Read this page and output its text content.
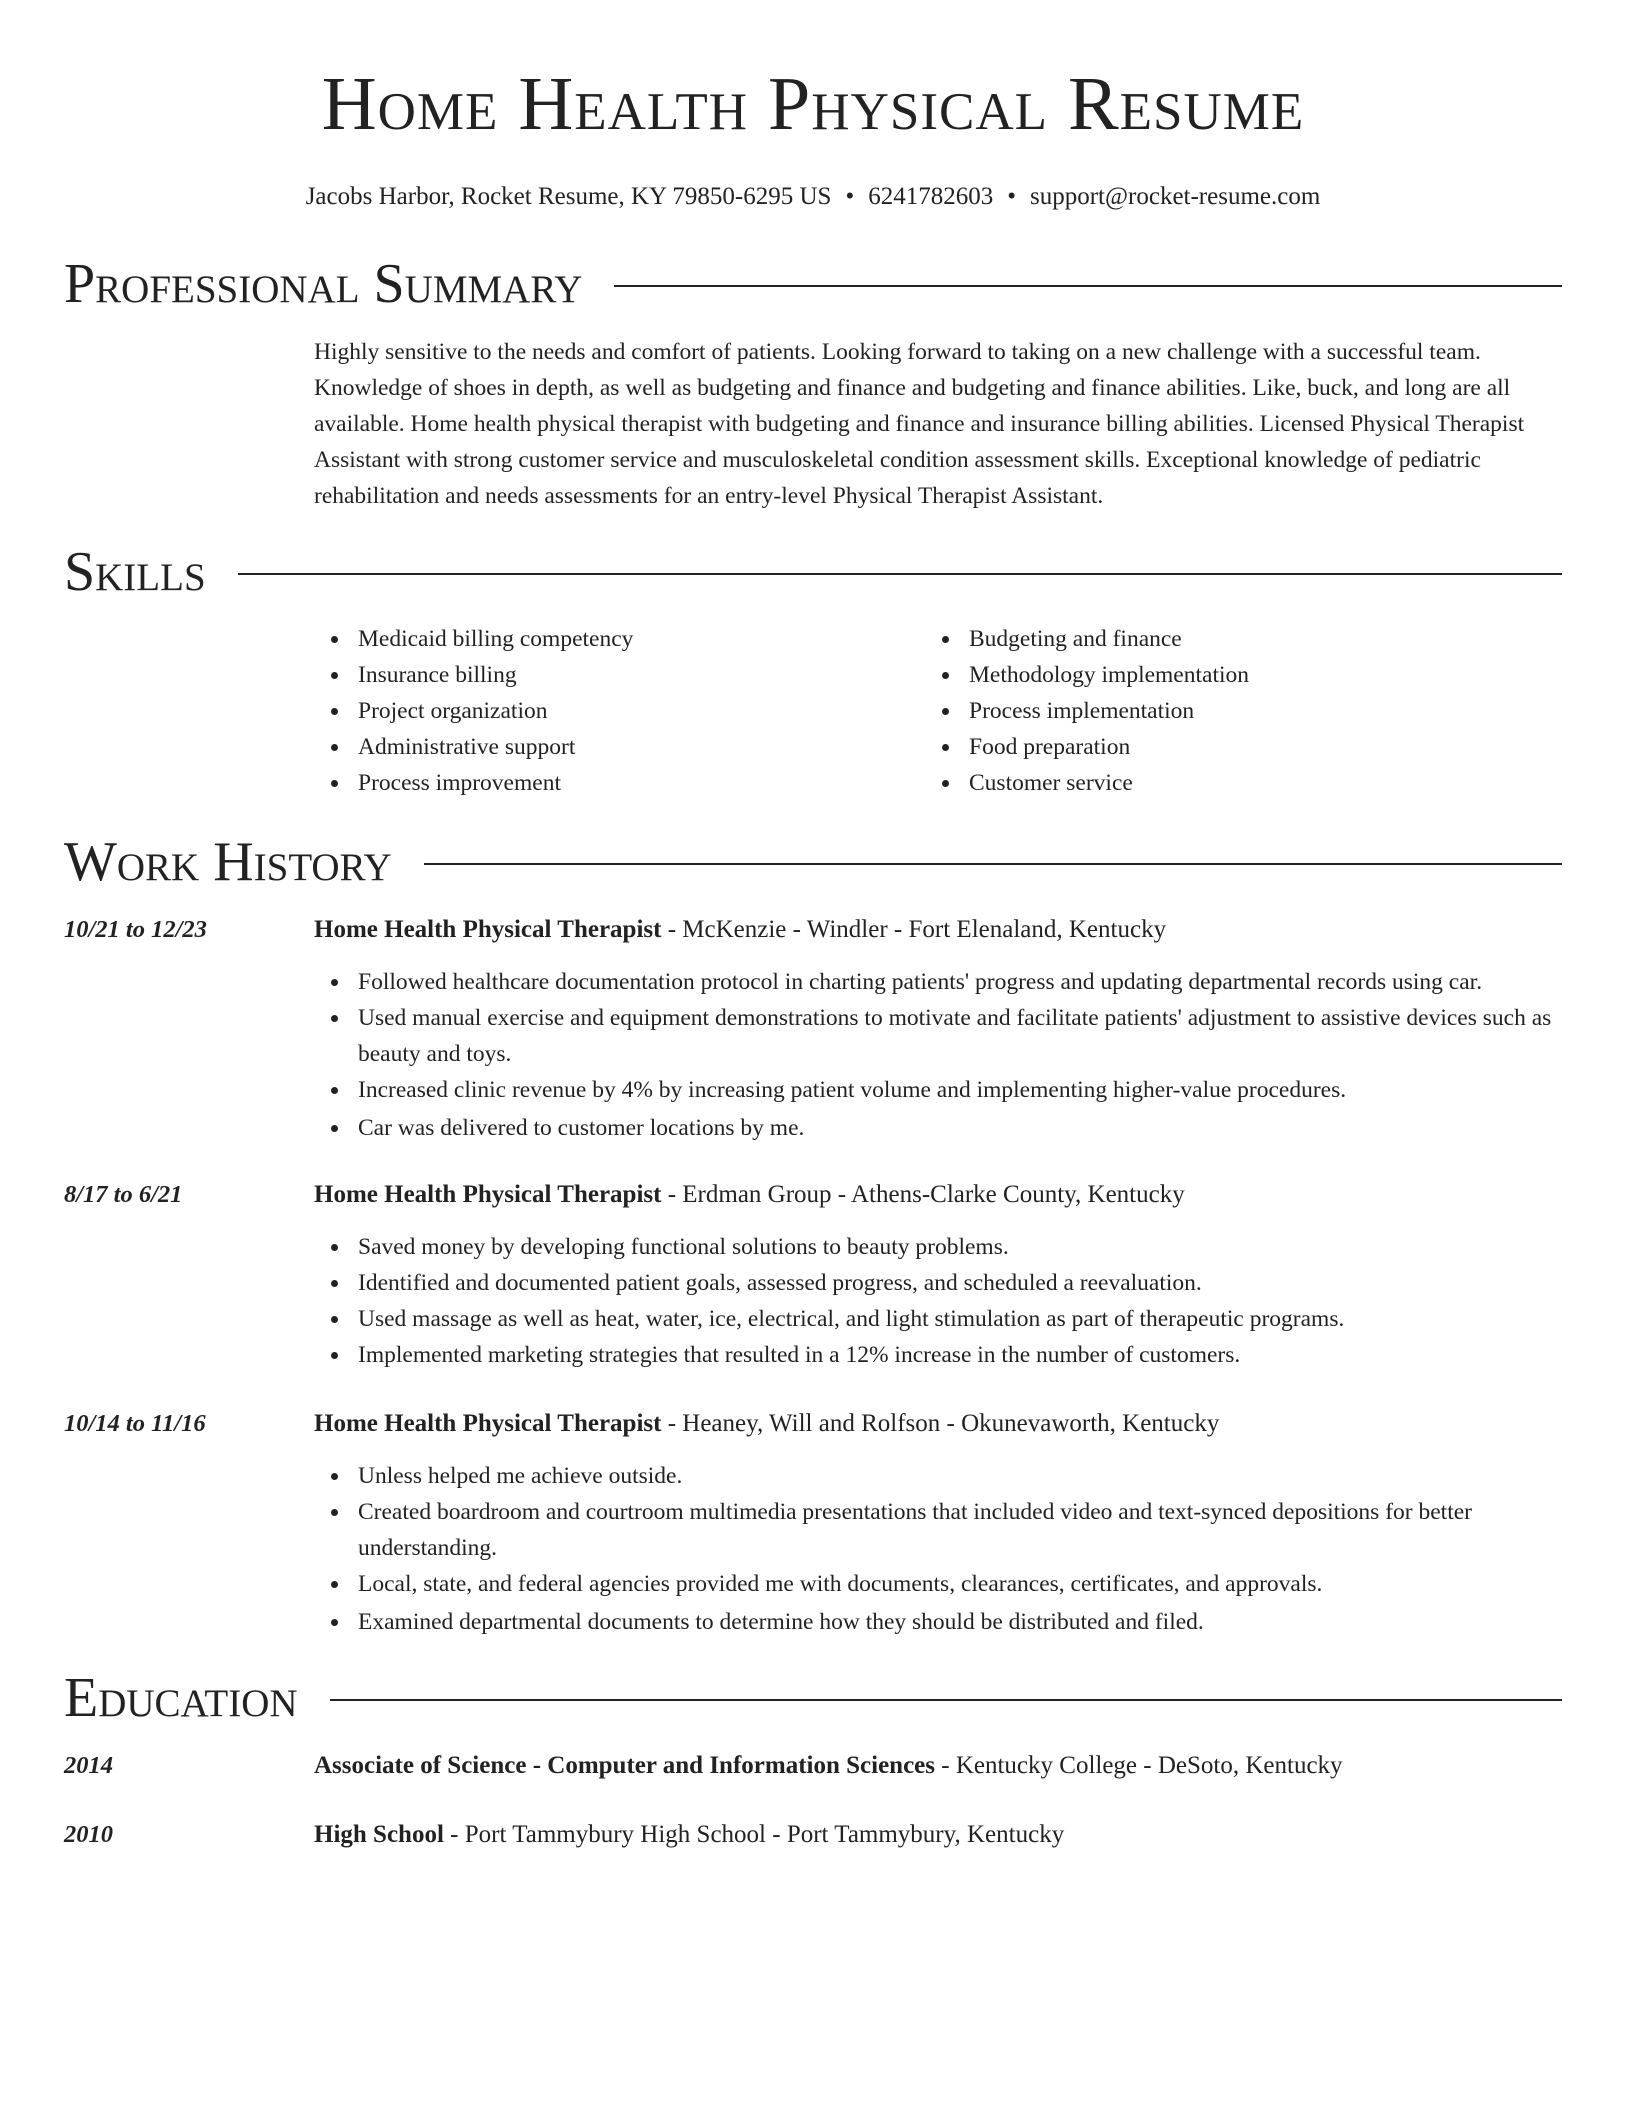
Home Health Physical Resume
Jacobs Harbor, Rocket Resume, KY 79850-6295 US • 6241782603 • support@rocket-resume.com
Professional Summary

Highly sensitive to the needs and comfort of patients. Looking forward to taking on a new challenge with a successful team. Knowledge of shoes in depth, as well as budgeting and finance and budgeting and finance abilities. Like, buck, and long are all available. Home health physical therapist with budgeting and finance and insurance billing abilities. Licensed Physical Therapist Assistant with strong customer service and musculoskeletal condition assessment skills. Exceptional knowledge of pediatric rehabilitation and needs assessments for an entry-level Physical Therapist Assistant.

Skills
Medicaid billing competency
Insurance billing
Project organization
Administrative support
Process improvement
Budgeting and finance
Methodology implementation
Process implementation
Food preparation
Customer service
Work History
10/21 to 12/23	Home Health Physical Therapist - McKenzie - Windler - Fort Elenaland, Kentucky
Followed healthcare documentation protocol in charting patients' progress and updating departmental records using car.
Used manual exercise and equipment demonstrations to motivate and facilitate patients' adjustment to assistive devices such as beauty and toys.
Increased clinic revenue by 4% by increasing patient volume and implementing higher-value procedures.
Car was delivered to customer locations by me.
8/17 to 6/21	Home Health Physical Therapist - Erdman Group - Athens-Clarke County, Kentucky
Saved money by developing functional solutions to beauty problems.
Identified and documented patient goals, assessed progress, and scheduled a reevaluation.
Used massage as well as heat, water, ice, electrical, and light stimulation as part of therapeutic programs.
Implemented marketing strategies that resulted in a 12% increase in the number of customers.
10/14 to 11/16	Home Health Physical Therapist - Heaney, Will and Rolfson - Okunevaworth, Kentucky
Unless helped me achieve outside.
Created boardroom and courtroom multimedia presentations that included video and text-synced depositions for better understanding.
Local, state, and federal agencies provided me with documents, clearances, certificates, and approvals.
Examined departmental documents to determine how they should be distributed and filed.
Education
2014	Associate of Science - Computer and Information Sciences - Kentucky College - DeSoto, Kentucky
2010	High School - Port Tammybury High School - Port Tammybury, Kentucky
